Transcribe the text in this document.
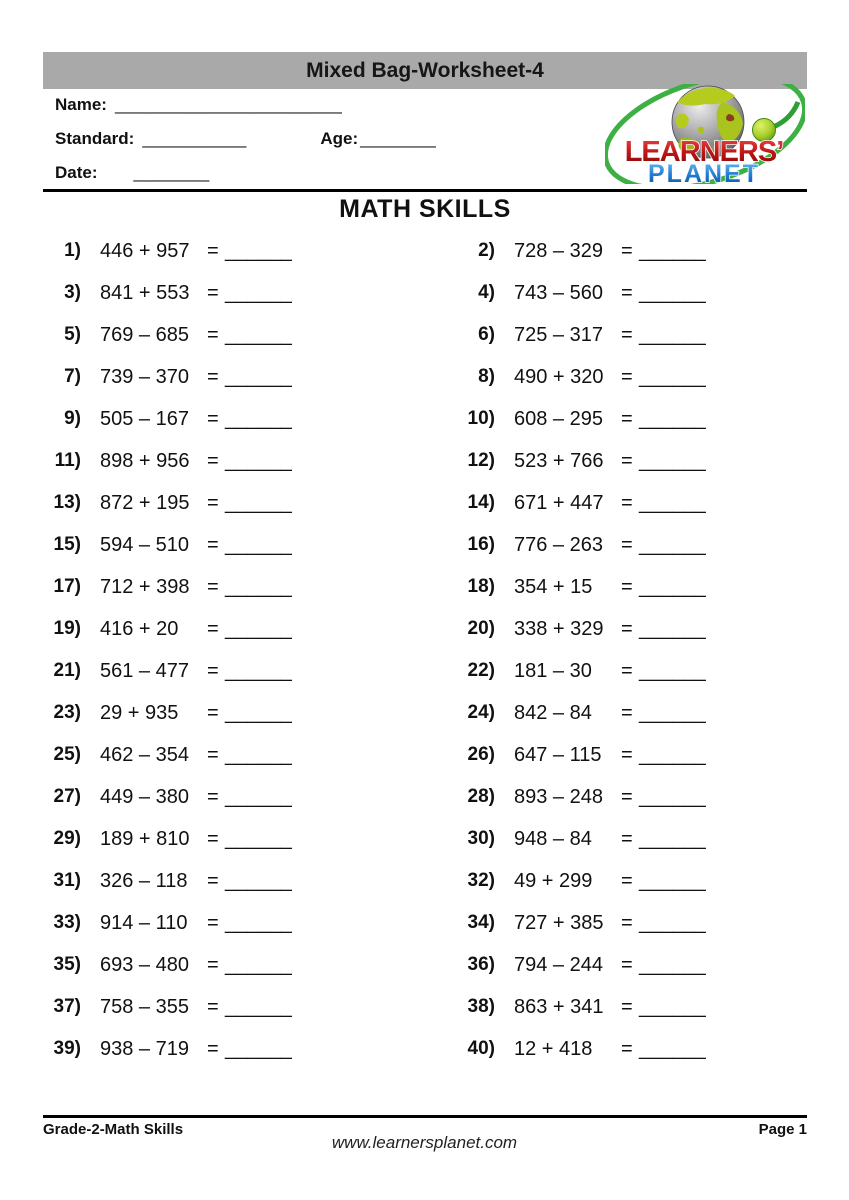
Mixed Bag-Worksheet-4
Name: ________________________
Standard: ___________	Age: ________
Date: ________
LEARNERS’
PLANET
MATH SKILLS
1) 446 + 957 = ______	2) 728 – 329 = ______
3) 841 + 553 = ______	4) 743 – 560 = ______
5) 769 – 685 = ______	6) 725 – 317 = ______
7) 739 – 370 = ______	8) 490 + 320 = ______
9) 505 – 167 = ______	10) 608 – 295 = ______
11) 898 + 956 = ______	12) 523 + 766 = ______
13) 872 + 195 = ______	14) 671 + 447 = ______
15) 594 – 510 = ______	16) 776 – 263 = ______
17) 712 + 398 = ______	18) 354 + 15	= ______
19) 416 + 20	= ______	20) 338 + 329 = ______
21) 561 – 477 = ______	22) 181 – 30	= ______
23) 29 + 935	= ______	24) 842 – 84	= ______
25) 462 – 354 = ______	26) 647 – 115 = ______
27) 449 – 380 = ______	28) 893 – 248 = ______
29) 189 + 810 = ______	30) 948 – 84	= ______
31) 326 – 118 = ______	32) 49 + 299	= ______
33) 914 – 110 = ______	34) 727 + 385 = ______
35) 693 – 480 = ______	36) 794 – 244 = ______
37) 758 – 355 = ______	38) 863 + 341 = ______
39) 938 – 719 = ______	40) 12 + 418	= ______
Grade-2-Math Skills	Page 1
www.learnersplanet.com
